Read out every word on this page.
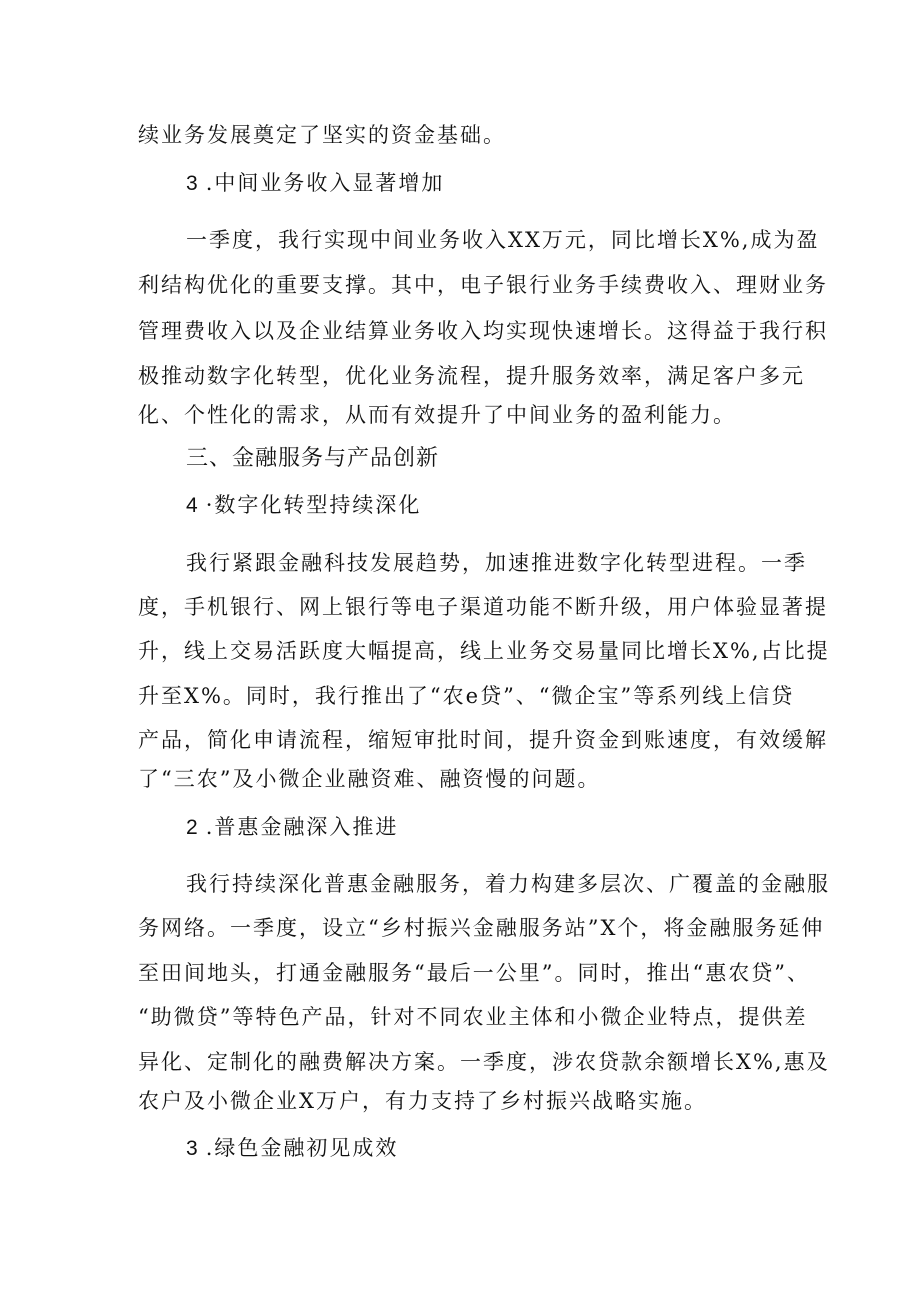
续业务发展奠定了坚实的资金基础。
3 .中间业务收入显著增加
一季度，我行实现中间业务收入XX万元，同比增长X%,成为盈
利结构优化的重要支撑。其中，电子银行业务手续费收入、理财业务
管理费收入以及企业结算业务收入均实现快速增长。这得益于我行积
极推动数字化转型，优化业务流程，提升服务效率，满足客户多元
化、个性化的需求，从而有效提升了中间业务的盈利能力。
三、金融服务与产品创新
4 ·数字化转型持续深化
我行紧跟金融科技发展趋势，加速推进数字化转型进程。一季
度，手机银行、网上银行等电子渠道功能不断升级，用户体验显著提
升，线上交易活跃度大幅提高，线上业务交易量同比增长X%,占比提
升至X%。同时，我行推出了“农e贷”、“微企宝”等系列线上信贷
产品，简化申请流程，缩短审批时间，提升资金到账速度，有效缓解
了“三农”及小微企业融资难、融资慢的问题。
2 .普惠金融深入推进
我行持续深化普惠金融服务，着力构建多层次、广覆盖的金融服
务网络。一季度，设立“乡村振兴金融服务站”X个，将金融服务延伸
至田间地头，打通金融服务“最后一公里”。同时，推出“惠农贷”、
“助微贷”等特色产品，针对不同农业主体和小微企业特点，提供差
异化、定制化的融费解决方案。一季度，涉农贷款余额增长X%,惠及
农户及小微企业X万户，有力支持了乡村振兴战略实施。
3 .绿色金融初见成效
